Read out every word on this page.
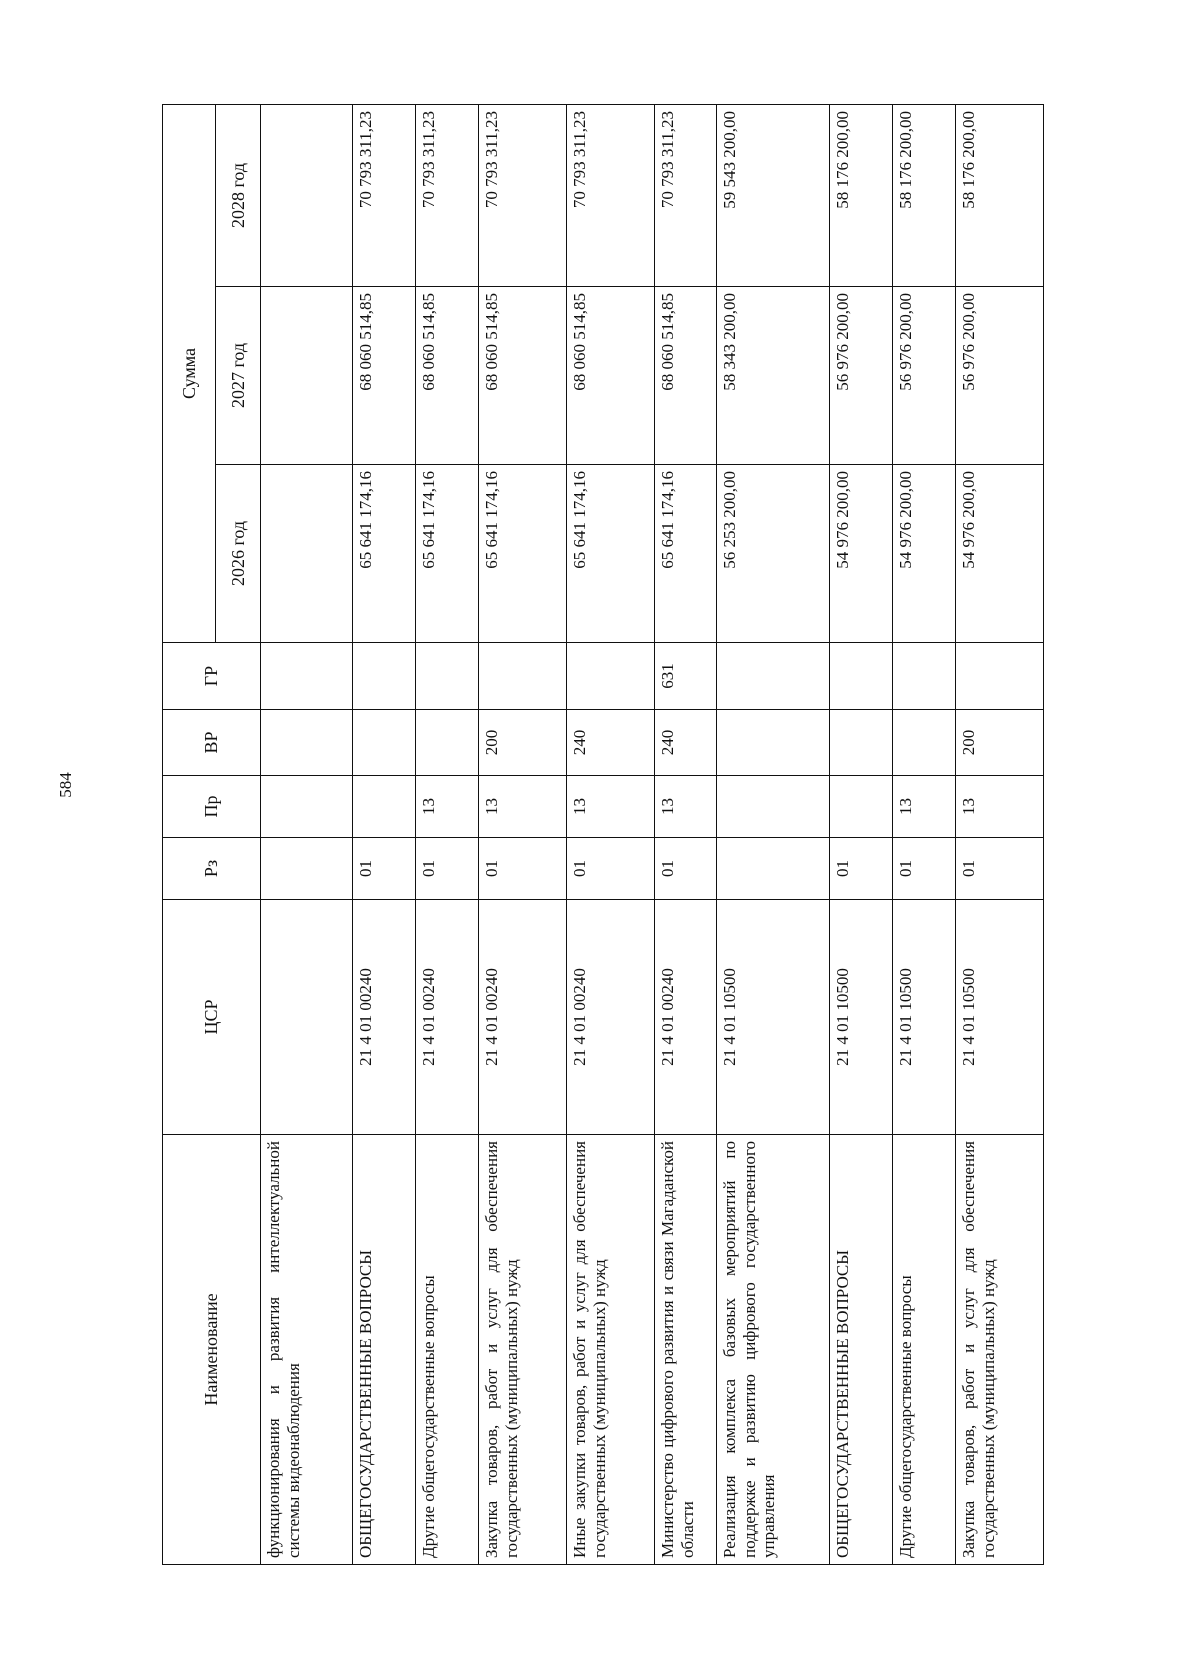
584
Наименование	ЦСР	Рз	Пр	ВР	ГР	Сумма		
						2026 год	2027 год	2028 год
функционирования и развития интеллектуальной системы видеонаблюдения								
ОБЩЕГОСУДАРСТВЕННЫЕ ВОПРОСЫ	21 4 01 00240	01				65 641 174,16	68 060 514,85	70 793 311,23
Другие общегосударственные вопросы	21 4 01 00240	01	13			65 641 174,16	68 060 514,85	70 793 311,23
Закупка товаров, работ и услуг для обеспечения государственных (муниципальных) нужд	21 4 01 00240	01	13	200		65 641 174,16	68 060 514,85	70 793 311,23
Иные закупки товаров, работ и услуг для обеспечения государственных (муниципальных) нужд	21 4 01 00240	01	13	240		65 641 174,16	68 060 514,85	70 793 311,23
Министерство цифрового развития и связи Магаданской области	21 4 01 00240	01	13	240	631	65 641 174,16	68 060 514,85	70 793 311,23
Реализация комплекса базовых мероприятий по поддержке и развитию цифрового государственного управления	21 4 01 10500					56 253 200,00	58 343 200,00	59 543 200,00
ОБЩЕГОСУДАРСТВЕННЫЕ ВОПРОСЫ	21 4 01 10500	01				54 976 200,00	56 976 200,00	58 176 200,00
Другие общегосударственные вопросы	21 4 01 10500	01	13			54 976 200,00	56 976 200,00	58 176 200,00
Закупка товаров, работ и услуг для обеспечения государственных (муниципальных) нужд	21 4 01 10500	01	13	200		54 976 200,00	56 976 200,00	58 176 200,00
